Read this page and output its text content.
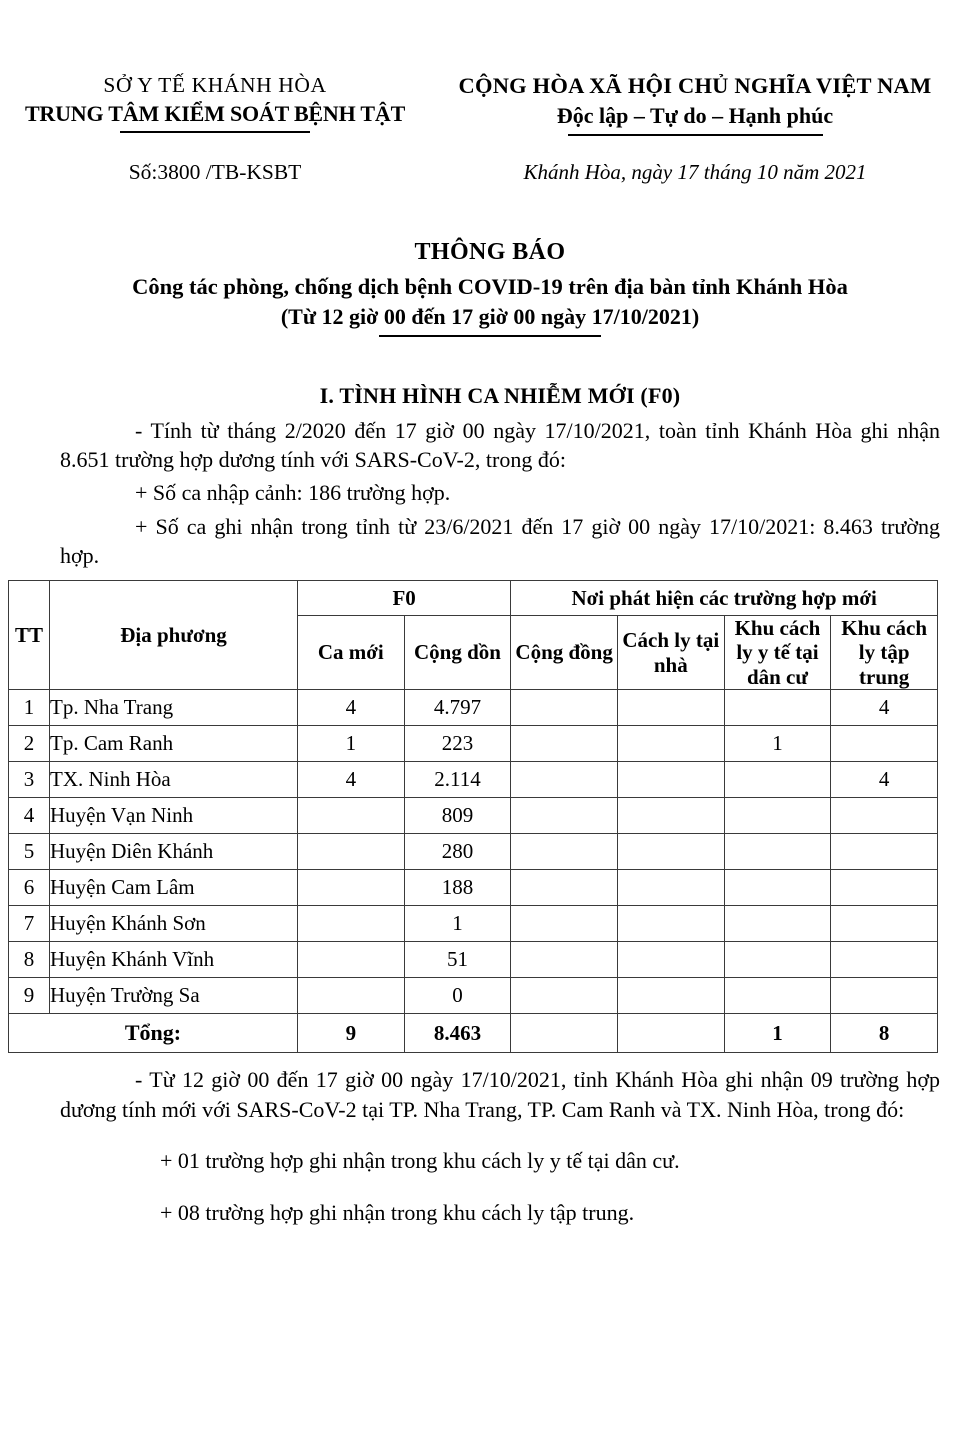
SỞ Y TẾ KHÁNH HÒA
TRUNG TÂM KIỂM SOÁT BỆNH TẬT
CỘNG HÒA XÃ HỘI CHỦ NGHĨA VIỆT NAM
Độc lập – Tự do – Hạnh phúc
Số:3800 /TB-KSBT	Khánh Hòa, ngày 17 tháng 10 năm 2021
THÔNG BÁO
Công tác phòng, chống dịch bệnh COVID-19 trên địa bàn tỉnh Khánh Hòa
(Từ 12 giờ 00 đến 17 giờ 00 ngày 17/10/2021)
I. TÌNH HÌNH CA NHIỄM MỚI (F0)

- Tính từ tháng 2/2020 đến 17 giờ 00 ngày 17/10/2021, toàn tỉnh Khánh Hòa ghi nhận 8.651 trường hợp dương tính với SARS-CoV-2, trong đó:

+ Số ca nhập cảnh: 186 trường hợp.

+ Số ca ghi nhận trong tỉnh từ 23/6/2021 đến 17 giờ 00 ngày 17/10/2021: 8.463 trường hợp.

TT	Địa phương	F0		Nơi phát hiện các trường hợp mới			
		Ca mới	Cộng dồn	Cộng đồng	Cách ly tại nhà	Khu cách ly y tế tại dân cư	Khu cách ly tập trung
1	Tp. Nha Trang	4	4.797				4
2	Tp. Cam Ranh	1	223			1	
3	TX. Ninh Hòa	4	2.114				4
4	Huyện Vạn Ninh		809				
5	Huyện Diên Khánh		280				
6	Huyện Cam Lâm		188				
7	Huyện Khánh Sơn		1				
8	Huyện Khánh Vĩnh		51				
9	Huyện Trường Sa		0				
Tổng:		9	8.463			1	8

- Từ 12 giờ 00 đến 17 giờ 00 ngày 17/10/2021, tỉnh Khánh Hòa ghi nhận 09 trường hợp dương tính mới với SARS-CoV-2 tại TP. Nha Trang, TP. Cam Ranh và TX. Ninh Hòa, trong đó:

+ 01 trường hợp ghi nhận trong khu cách ly y tế tại dân cư.

+ 08 trường hợp ghi nhận trong khu cách ly tập trung.
